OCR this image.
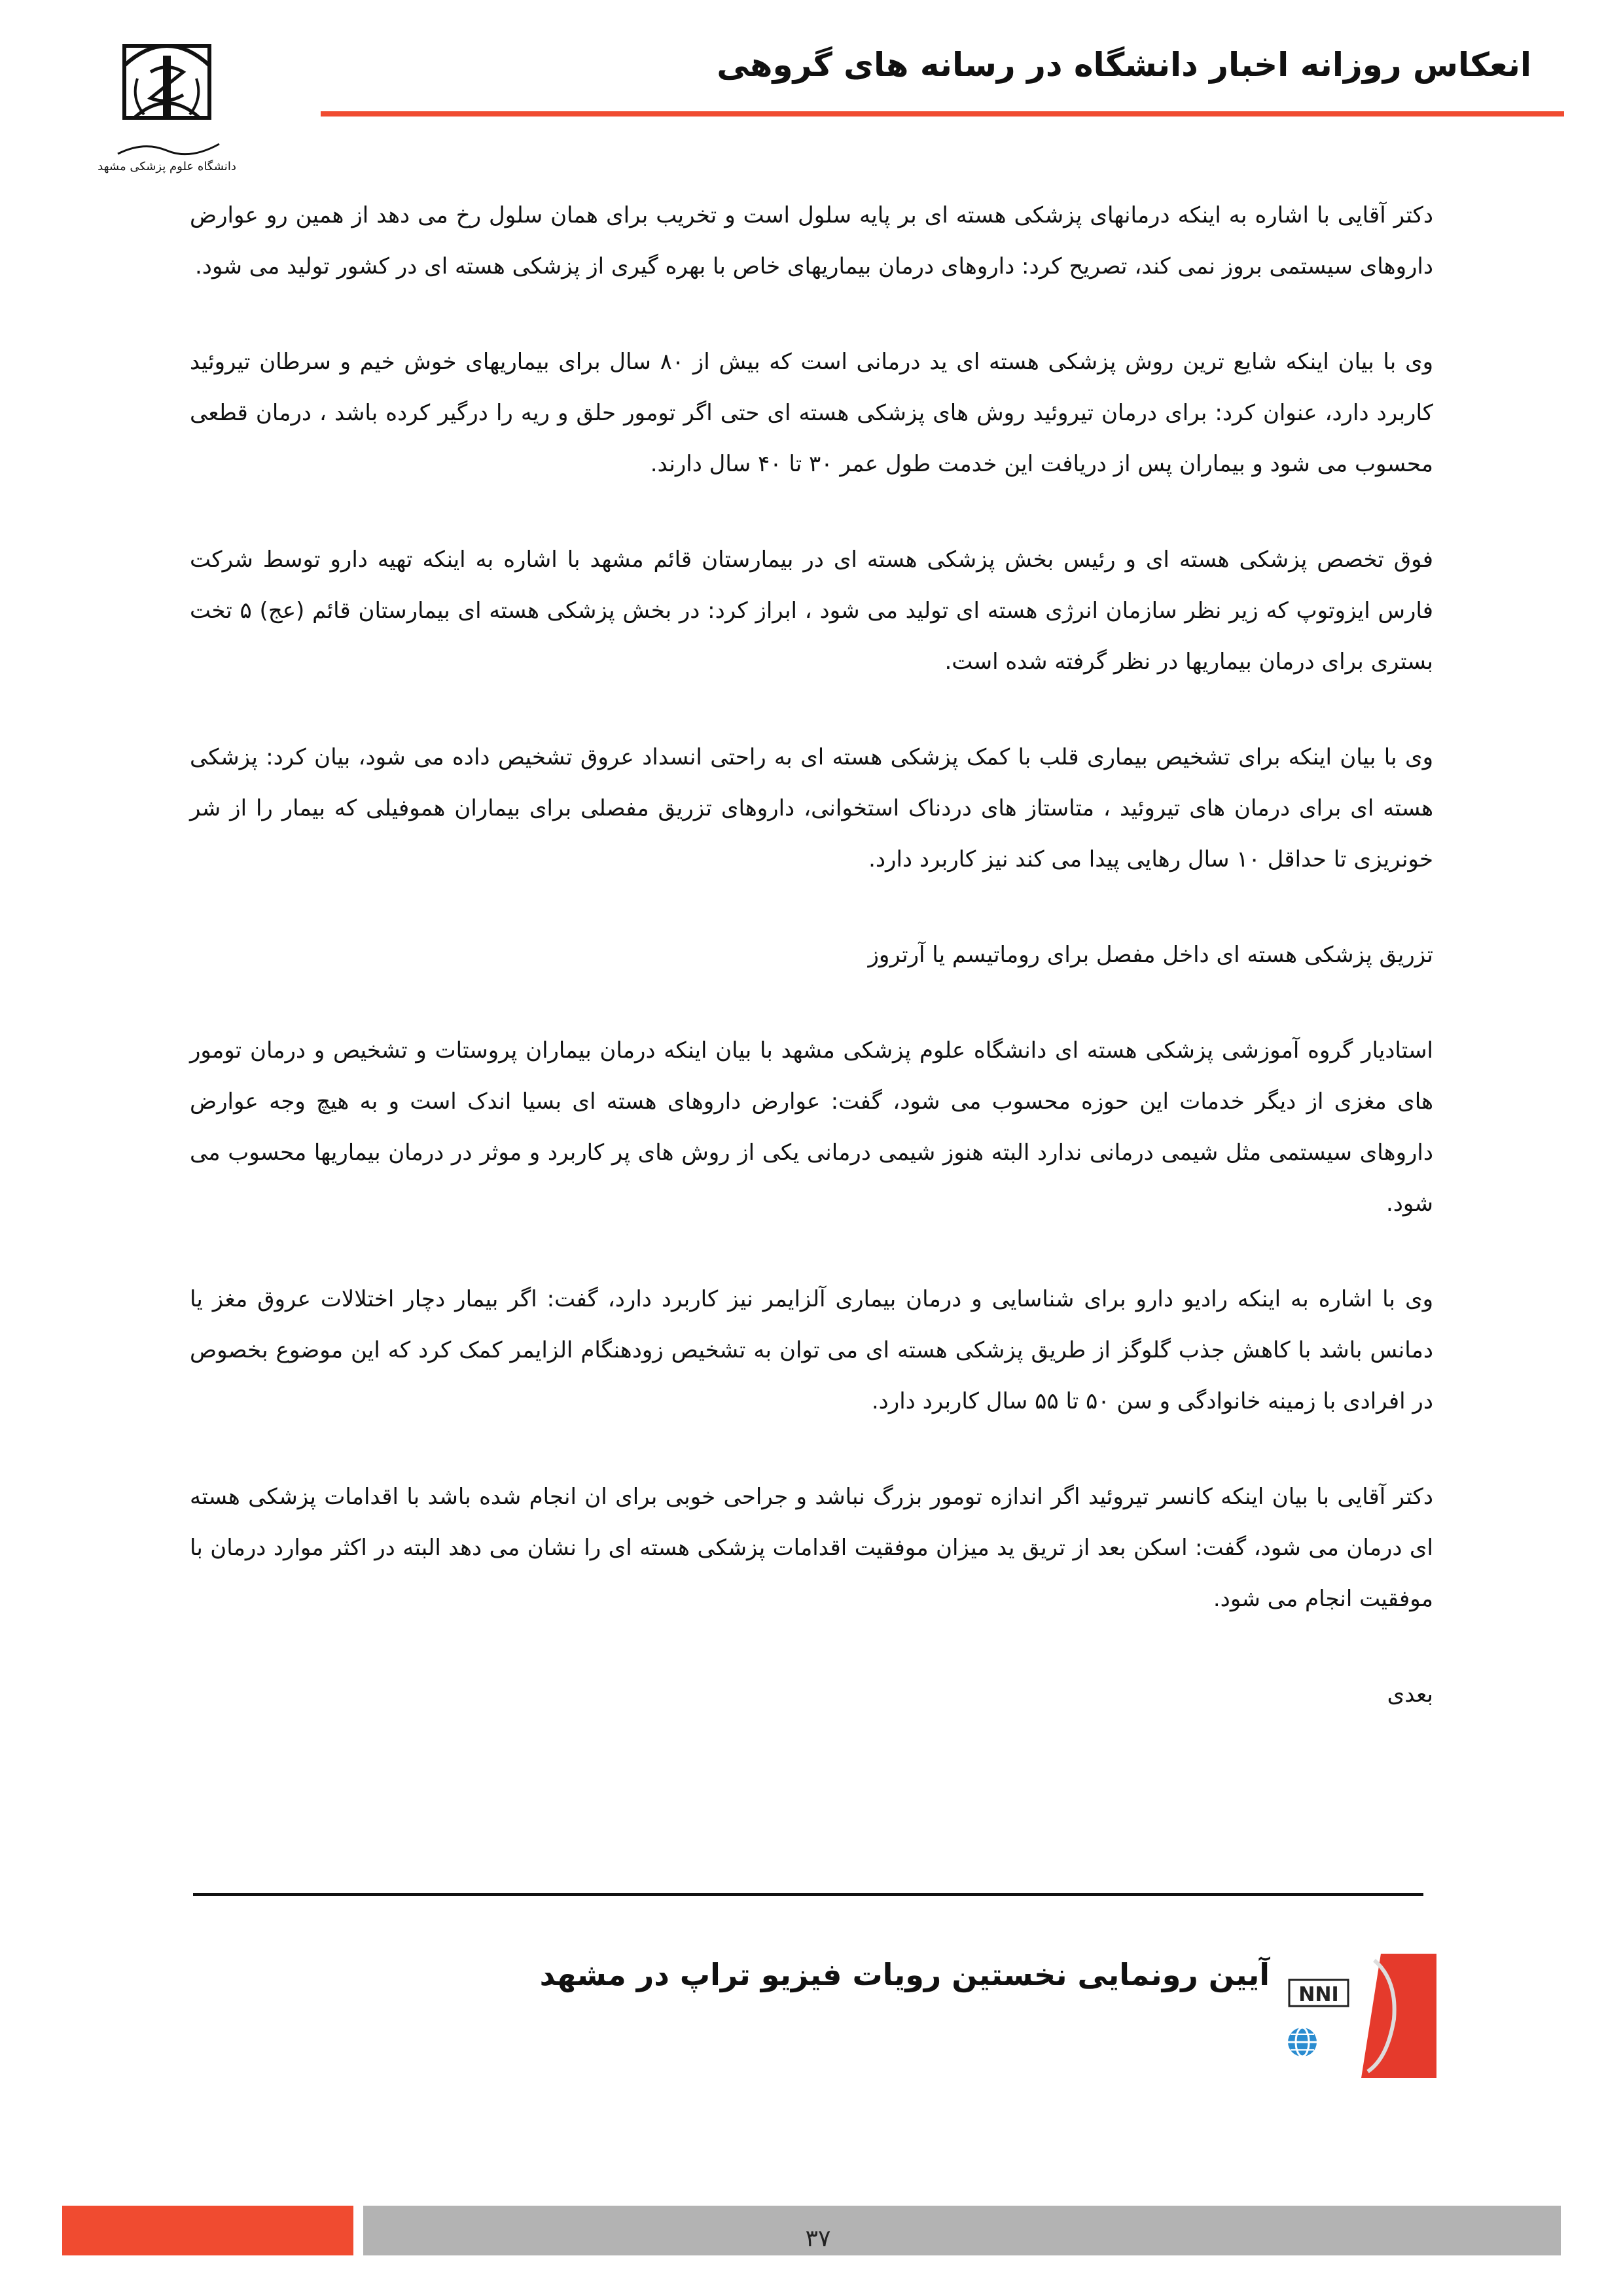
انعکاس روزانه اخبار دانشگاه در رسانه های گروهی
دانشگاه علوم پزشکی مشهد

دکتر آقایی با اشاره به اینکه درمانهای پزشکی هسته ای بر پایه سلول است و تخریب برای همان سلول رخ می دهد از همین رو عوارض داروهای سیستمی بروز نمی کند، تصریح کرد: داروهای درمان بیماریهای خاص با بهره گیری از پزشکی هسته ای در کشور تولید می شود.

وی با بیان اینکه شایع ترین روش پزشکی هسته ای ید درمانی است که بیش از ۸۰ سال برای بیماریهای خوش خیم و سرطان تیروئید کاربرد دارد، عنوان کرد: برای درمان تیروئید روش های پزشکی هسته ای حتی اگر تومور حلق و ریه را درگیر کرده باشد ، درمان قطعی محسوب می شود و بیماران پس از دریافت این خدمت طول عمر ۳۰ تا ۴۰ سال دارند.

فوق تخصص پزشکی هسته ای و رئیس بخش پزشکی هسته ای در بیمارستان قائم مشهد با اشاره به اینکه تهیه دارو توسط شرکت فارس ایزوتوپ که زیر نظر سازمان انرژی هسته ای تولید می شود ، ابراز کرد: در بخش پزشکی هسته ای بیمارستان قائم (عج) ۵ تخت بستری برای درمان بیماریها در نظر گرفته شده است.

وی با بیان اینکه برای تشخیص بیماری قلب با کمک پزشکی هسته ای به راحتی انسداد عروق تشخیص داده می شود، بیان کرد: پزشکی هسته ای برای درمان های تیروئید ، متاستاز های دردناک استخوانی، داروهای تزریق مفصلی برای بیماران هموفیلی که بیمار را از شر خونریزی تا حداقل ۱۰ سال رهایی پیدا می کند نیز کاربرد دارد.

تزریق پزشکی هسته ای داخل مفصل برای روماتیسم یا آرتروز

استادیار گروه آموزشی پزشکی هسته ای دانشگاه علوم پزشکی مشهد با بیان اینکه درمان بیماران پروستات و تشخیص و درمان تومور های مغزی از دیگر خدمات این حوزه محسوب می شود، گفت: عوارض داروهای هسته ای بسیا اندک است و به هیچ وجه عوارض داروهای سیستمی مثل شیمی درمانی ندارد البته هنوز شیمی درمانی یکی از روش های پر کاربرد و موثر در درمان بیماریها محسوب می شود.

وی با اشاره به اینکه رادیو دارو برای شناسایی و درمان بیماری آلزایمر نیز کاربرد دارد، گفت: اگر بیمار دچار اختلالات عروق مغز یا دمانس باشد با کاهش جذب گلوگز از طریق پزشکی هسته ای می توان به تشخیص زودهنگام الزایمر کمک کرد که این موضوع بخصوص در افرادی با زمینه خانوادگی و سن ۵۰ تا ۵۵ سال کاربرد دارد.

دکتر آقایی با بیان اینکه کانسر تیروئید اگر اندازه تومور بزرگ نباشد و جراحی خوبی برای ان انجام شده باشد با اقدامات پزشکی هسته ای درمان می شود، گفت: اسکن بعد از تریق ید میزان موفقیت اقدامات پزشکی هسته ای را نشان می دهد البته در اکثر موارد درمان با موفقیت انجام می شود.

بعدی

آیین رونمایی نخستین رویات فیزیو تراپ در مشهد
NNI
۳۷
